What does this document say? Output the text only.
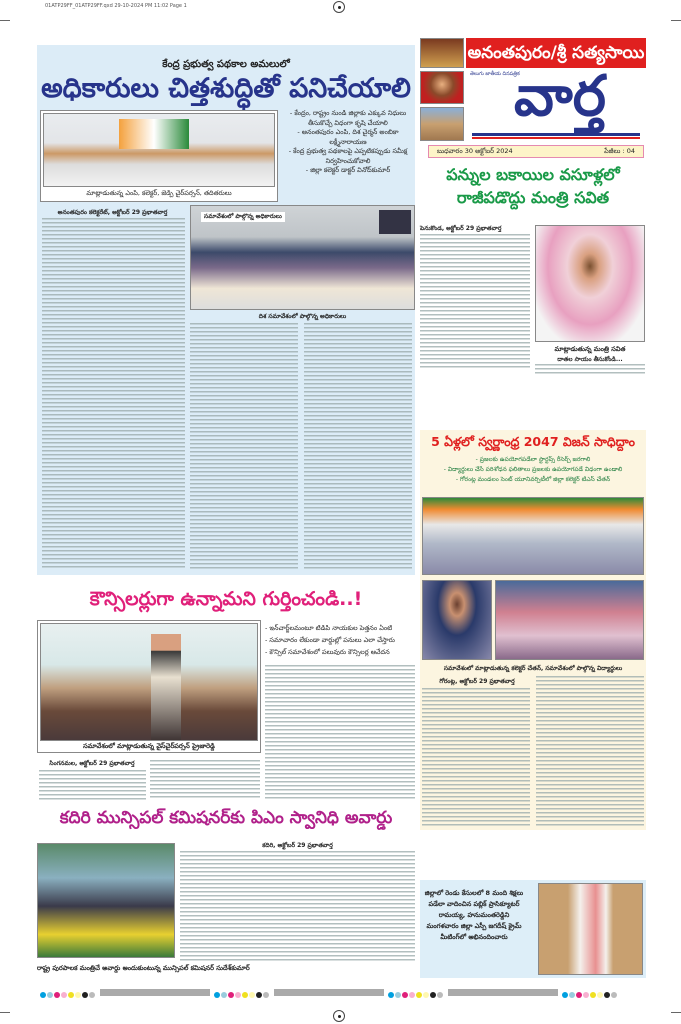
01ATP29FF_01ATP29FF.qxd 29-10-2024 PM 11:02 Page 1
కేంద్ర ప్రభుత్వ పథకాల అమలులో
అధికారులు చిత్తశుద్ధితో పనిచేయాలి
మాట్లాడుతున్న ఎంపి, కలెక్టర్, జెడ్పి చైర్‌పర్సన్, తదితరులు
- కేంద్రం, రాష్ట్రం నుండి జిల్లాకు ఎక్కువ నిధులు తీసుకొచ్చే విధంగా కృషి చేయాలి
- అనంతపురం ఎంపి, దిశ చైర్మన్ అంబికా లక్ష్మీనారాయణ
- కేంద్ర ప్రభుత్వ పథకాలపై ఎప్పటికప్పుడు సమీక్ష నిర్వహించుకోవాలి
- జిల్లా కలెక్టర్ డాక్టర్ వినోద్‌కుమార్
అనంతపురం కలెక్టరేట్, అక్టోబర్ 29 ప్రభాతవార్త
సమావేశంలో పాల్గొన్న అధికారులు
దిశ సమావేశంలో పాల్గొన్న అధికారులు
అనంతపురం/శ్రీ సత్యసాయి
తెలుగు జాతీయ దినపత్రిక
వార్త
బుధవారం 30 అక్టోబర్ 2024	పేజీలు : 04
పన్నుల బకాయిల వసూళ్లలో
రాజీపడొద్దు మంత్రి సవిత
పెనుకొండ, అక్టోబర్ 29 ప్రభాతవార్త
మాట్లాడుతున్న మంత్రి సవిత
దాతల సాయం తీసుకోండి...
5 ఏళ్లలో స్వర్ణాంధ్ర 2047 విజన్ సాధిద్దాం
- ప్రజలకు ఉపయోగపడేలా స్టార్టప్స్ రీసెర్చ్ జరగాలి
- విద్యార్థులు చేసే పరిశోధన ఫలితాలు ప్రజలకు ఉపయోగపడే విధంగా ఉండాలి
- గోరంట్ల మండలం సెంట్ యూనివర్సిటీలో జిల్లా కలెక్టర్ టిఎస్ చేతన్
సమావేశంలో మాట్లాడుతున్న కలెక్టర్ చేతన్, సమావేశంలో పాల్గొన్న విద్యార్థులు
గోరంట్ల, అక్టోబర్ 29 ప్రభాతవార్త
జిల్లాలో రెండు కేసులలో 8 మంది శిక్షలు పడేలా వాదించిన పబ్లిక్ ప్రాసిక్యూటర్ రామయ్య, హనుమంతరెడ్డిని మంగళవారం జిల్లా ఎస్పీ జగదీష్ క్రైమ్ మీటింగ్‌లో అభినందించారు
కౌన్సిలర్లుగా ఉన్నామని గుర్తించండి..!
సమావేశంలో మాట్లాడుతున్న వైస్‌చైర్‌పర్సన్ ప్రైజారెడ్డి
- ఇన్‌చార్జ్‌లమంటూ టిడిపి నాయకుల పెత్తనం ఏంటి
- సమాచారం లేకుండా వార్డుల్లో పనులు ఎలా చేస్తారు
- కౌన్సిల్ సమావేశంలో పలువురు కౌన్సిలర్ల ఆవేదన
సింగనమల, అక్టోబర్ 29 ప్రభాతవార్త
కదిరి మున్సిపల్ కమిషనర్‌కు పిఎం స్వానిధి అవార్డు
కదిరి, అక్టోబర్ 29 ప్రభాతవార్త
రాష్ట్ర పురపాలక మంత్రిచే అవార్డు అందుకుంటున్న మున్సిపల్ కమిషనర్ సుదేశ్‌కుమార్
